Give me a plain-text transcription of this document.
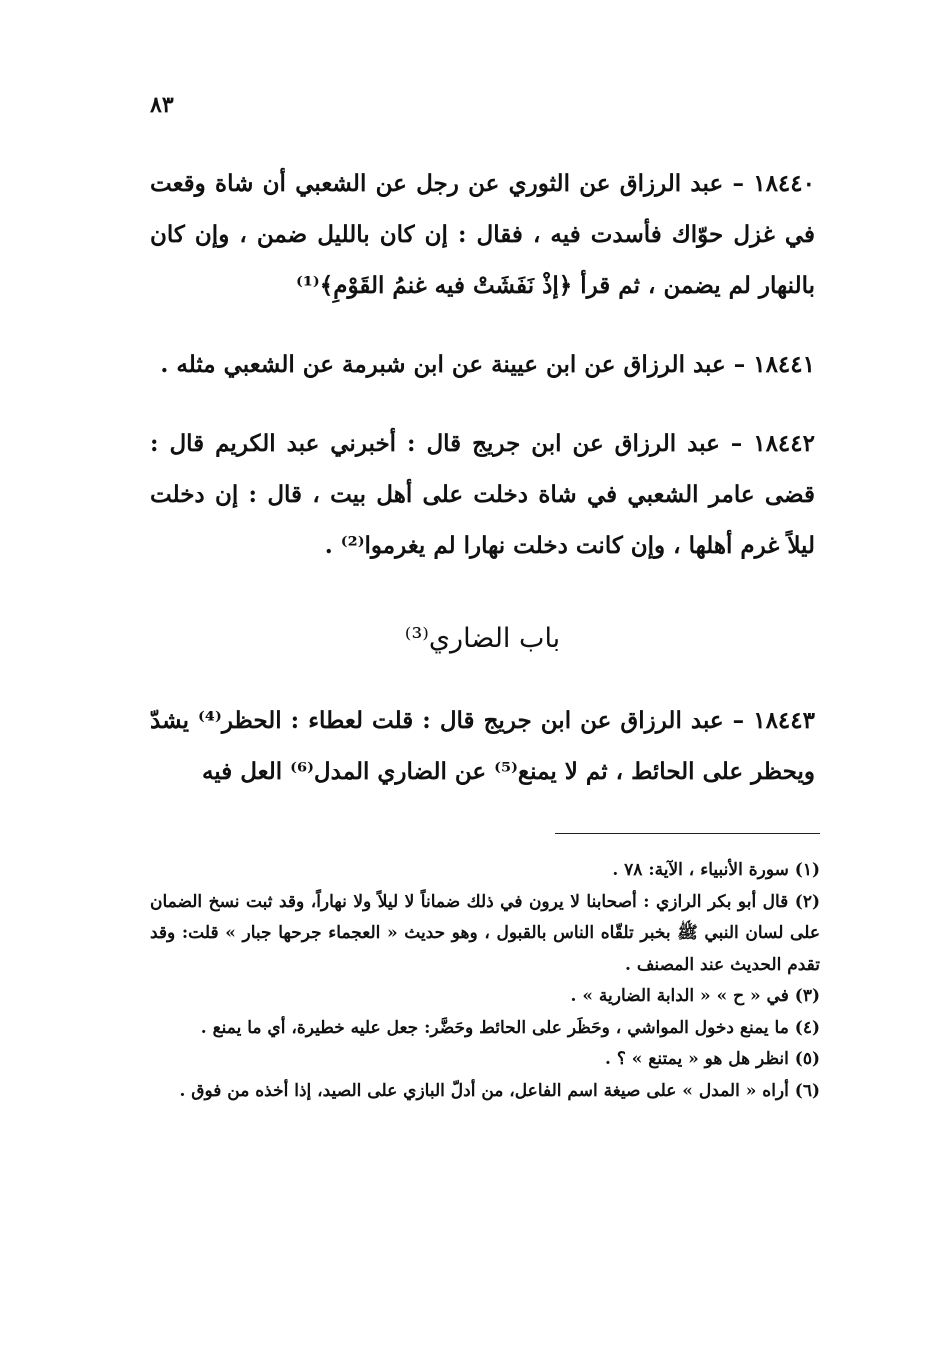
٨٣

١٨٤٤٠ – عبد الرزاق عن الثوري عن رجل عن الشعبي أن شاة وقعت في غزل حوّاك فأسدت فيه ، فقال : إن كان بالليل ضمن ، وإن كان بالنهار لم يضمن ، ثم قرأ ﴿إذْ نَفَشَتْ فيه غنمُ القَوْمِ﴾⁽¹⁾

١٨٤٤١ – عبد الرزاق عن ابن عيينة عن ابن شبرمة عن الشعبي مثله .

١٨٤٤٢ – عبد الرزاق عن ابن جريج قال : أخبرني عبد الكريم قال : قضى عامر الشعبي في شاة دخلت على أهل بيت ، قال : إن دخلت ليلاً غرم أهلها ، وإن كانت دخلت نهارا لم يغرموا⁽²⁾ .

باب الضاري⁽³⁾

١٨٤٤٣ – عبد الرزاق عن ابن جريج قال : قلت لعطاء : الحظر⁽⁴⁾ يشدّ ويحظر على الحائط ، ثم لا يمنع⁽⁵⁾ عن الضاري المدل⁽⁶⁾ العل فيه

(١) سورة الأنبياء ، الآية: ٧٨ .

(٢) قال أبو بكر الرازي : أصحابنا لا يرون في ذلك ضماناً لا ليلاً ولا نهاراً، وقد ثبت نسخ الضمان على لسان النبي ﷺ بخبر تلقّاه الناس بالقبول ، وهو حديث « العجماء جرحها جبار » قلت: وقد تقدم الحديث عند المصنف .

(٣) في « ح » « الدابة الضارية » .

(٤) ما يمنع دخول المواشي ، وحَظَر على الحائط وحَضَّر: جعل عليه خطيرة، أي ما يمنع .

(٥) انظر هل هو « يمتنع » ؟ .

(٦) أراه « المدل » على صيغة اسم الفاعل، من أدلّ البازي على الصيد، إذا أخذه من فوق .
